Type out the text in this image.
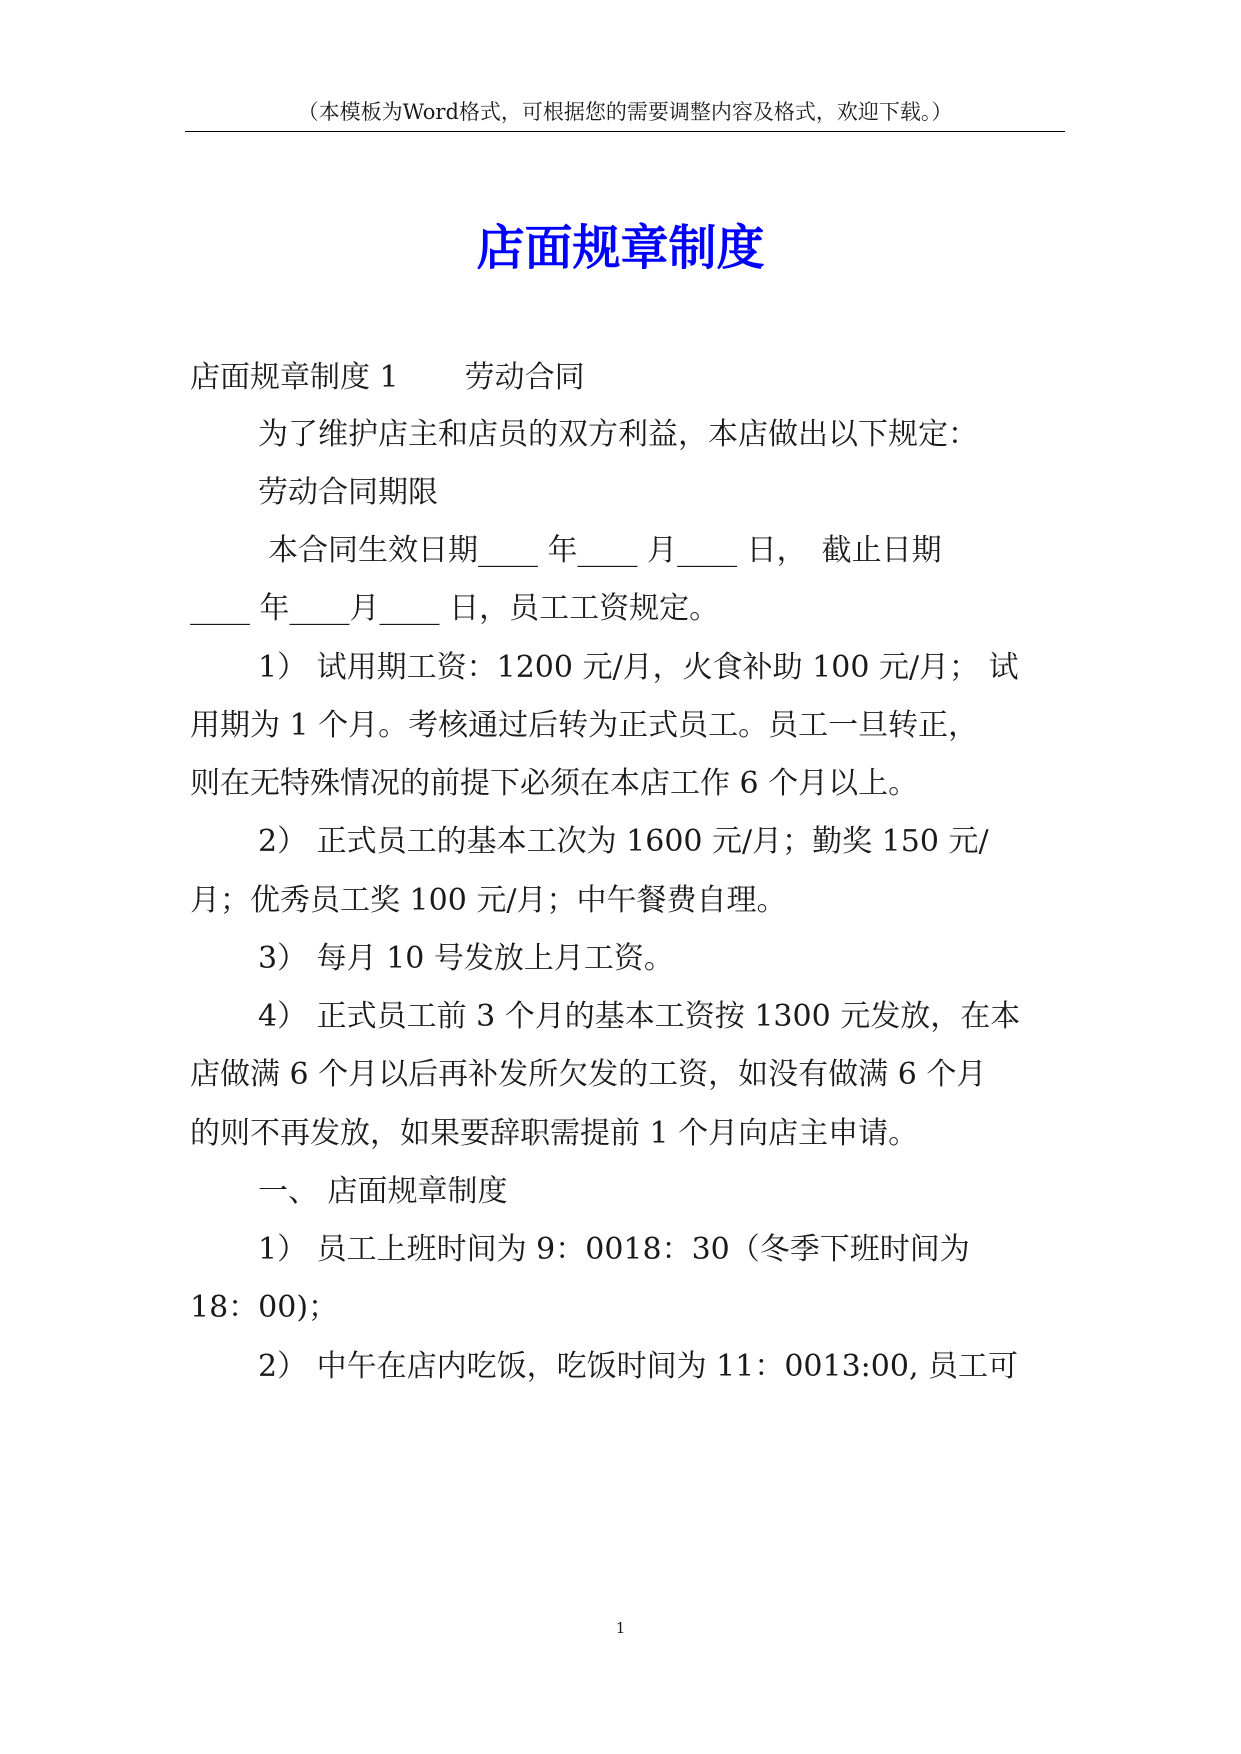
（本模板为Word格式，可根据您的需要调整内容及格式，欢迎下载。）
店面规章制度
店面规章制度 1 劳动合同
为了维护店主和店员的双方利益，本店做出以下规定：
劳动合同期限
本合同生效日期____ 年____ 月____ 日，　截止日期
____ 年____月____ 日，员工工资规定。
1） 试用期工资：1200 元/月，火食补助 100 元/月； 试
用期为 1 个月。考核通过后转为正式员工。员工一旦转正，
则在无特殊情况的前提下必须在本店工作 6 个月以上。
2） 正式员工的基本工次为 1600 元/月；勤奖 150 元/
月；优秀员工奖 100 元/月；中午餐费自理。
3） 每月 10 号发放上月工资。
4） 正式员工前 3 个月的基本工资按 1300 元发放，在本
店做满 6 个月以后再补发所欠发的工资，如没有做满 6 个月
的则不再发放，如果要辞职需提前 1 个月向店主申请。
一、 店面规章制度
1） 员工上班时间为 9：0018：30（冬季下班时间为
18：00)；
2） 中午在店内吃饭，吃饭时间为 11：0013:00, 员工可
1
